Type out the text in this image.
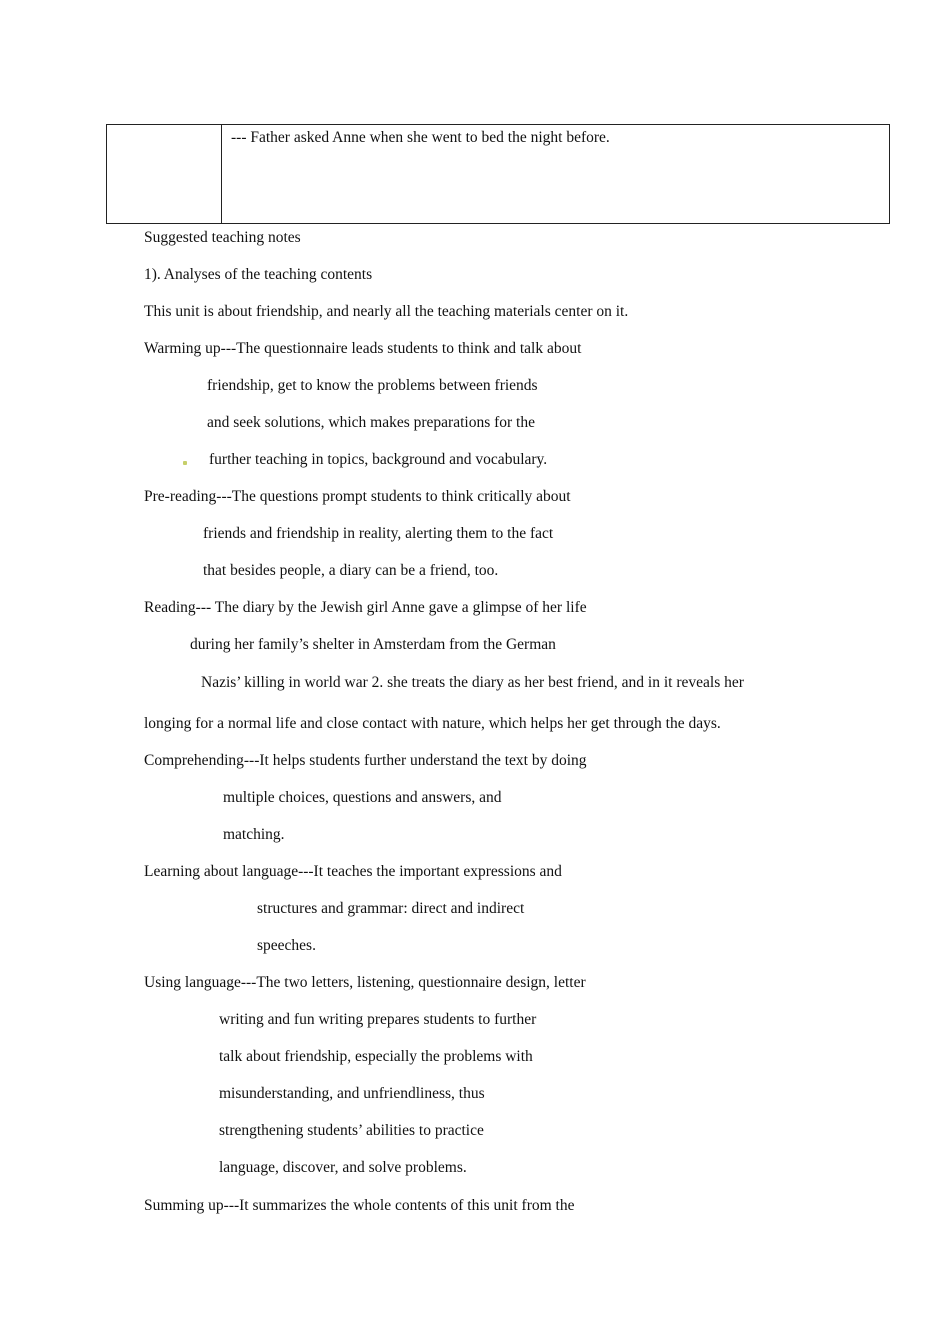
--- Father asked Anne when she went to bed the night before.
Suggested teaching notes
1). Analyses of the teaching contents
This unit is about friendship, and nearly all the teaching materials center on it.
Warming up---The questionnaire leads students to think and talk about
friendship, get to know the problems between friends
and seek solutions, which makes preparations for the
further teaching in topics, background and vocabulary.
Pre-reading---The questions prompt students to think critically about
friends and friendship in reality, alerting them to the fact
that besides people, a diary can be a friend, too.
Reading--- The diary by the Jewish girl Anne gave a glimpse of her life
during her family’s shelter in Amsterdam from the German
Nazis’ killing in world war 2. she treats the diary as her best friend, and in it reveals her
longing for a normal life and close contact with nature, which helps her get through the days.
Comprehending---It helps students further understand the text by doing
multiple choices, questions and answers, and
matching.
Learning about language---It teaches the important expressions and
structures and grammar: direct and indirect
speeches.
Using language---The two letters, listening, questionnaire design, letter
writing and fun writing prepares students to further
talk about friendship, especially the problems with
misunderstanding, and unfriendliness, thus
strengthening students’ abilities to practice
language, discover, and solve problems.
Summing up---It summarizes the whole contents of this unit from the
